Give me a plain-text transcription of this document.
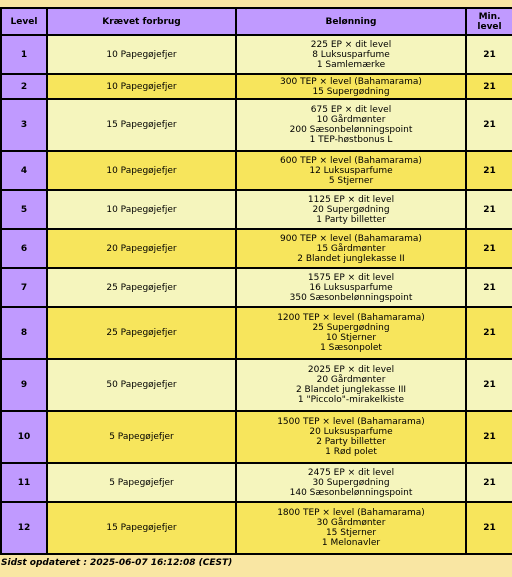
Level	Krævet forbrug	Belønning	Min. level
1	10 Papegøjefjer	225 EP × dit level
8 Luksusparfume
1 Samlemærke	21
2	10 Papegøjefjer	300 TEP × level (Bahamarama)
15 Supergødning	21
3	15 Papegøjefjer	675 EP × dit level
10 Gårdmønter
200 Sæsonbelønningspoint
1 TEP-høstbonus L	21
4	10 Papegøjefjer	600 TEP × level (Bahamarama)
12 Luksusparfume
5 Stjerner	21
5	10 Papegøjefjer	1125 EP × dit level
20 Supergødning
1 Party billetter	21
6	20 Papegøjefjer	900 TEP × level (Bahamarama)
15 Gårdmønter
2 Blandet junglekasse II	21
7	25 Papegøjefjer	1575 EP × dit level
16 Luksusparfume
350 Sæsonbelønningspoint	21
8	25 Papegøjefjer	1200 TEP × level (Bahamarama)
25 Supergødning
10 Stjerner
1 Sæsonpolet	21
9	50 Papegøjefjer	2025 EP × dit level
20 Gårdmønter
2 Blandet junglekasse III
1 "Piccolo"-mirakelkiste	21
10	5 Papegøjefjer	1500 TEP × level (Bahamarama)
20 Luksusparfume
2 Party billetter
1 Rød polet	21
11	5 Papegøjefjer	2475 EP × dit level
30 Supergødning
140 Sæsonbelønningspoint	21
12	15 Papegøjefjer	1800 TEP × level (Bahamarama)
30 Gårdmønter
15 Stjerner
1 Melonavler	21
Sidst opdateret : 2025-06-07 16:12:08 (CEST)
